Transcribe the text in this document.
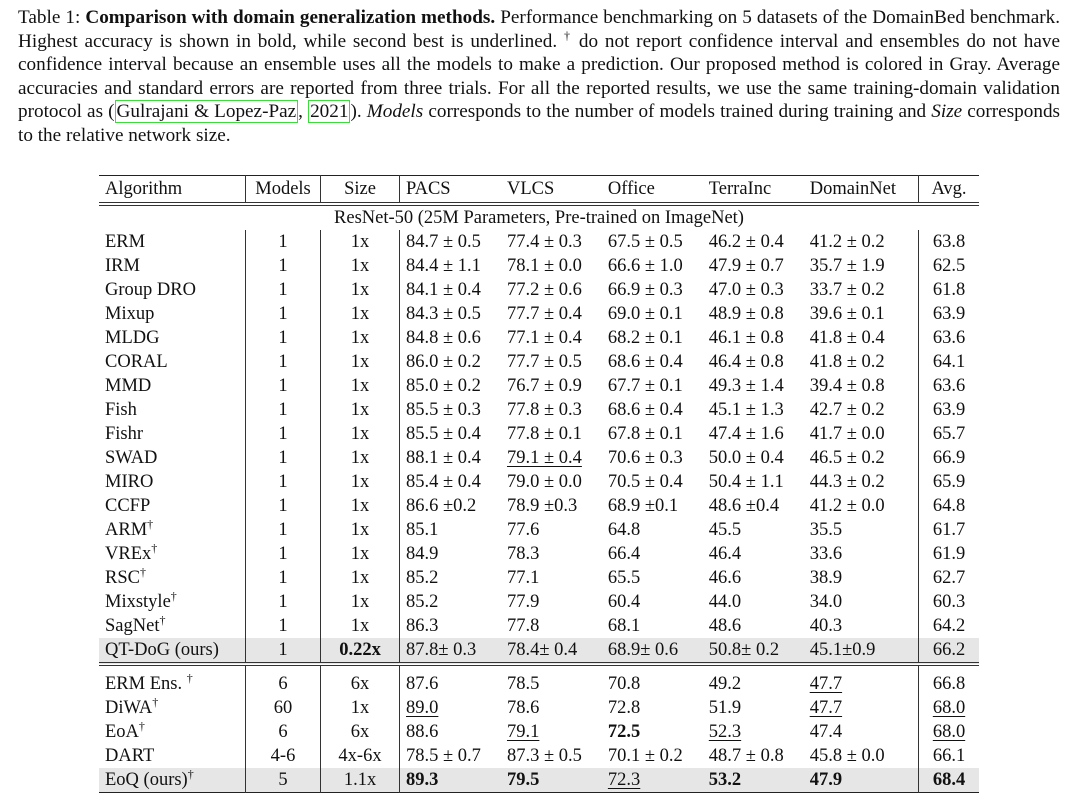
Table 1: Comparison with domain generalization methods. Performance benchmarking on 5 datasets of the DomainBed benchmark. Highest accuracy is shown in bold, while second best is underlined. † do not report confidence interval and ensembles do not have confidence interval because an ensemble uses all the models to make a prediction. Our proposed method is colored in Gray. Average accuracies and standard errors are reported from three trials. For all the reported results, we use the same training-domain validation protocol as ( Gulrajani & Lopez-Paz , 2021 ). Models corresponds to the number of models trained during training and Size corresponds to the relative network size.
Algorithm	Models	Size	PACS	VLCS	Office	TerraInc	DomainNet	Avg.
ResNet-50 (25M Parameters, Pre-trained on ImageNet)								
ERM	1	1x	84.7 ± 0.5	77.4 ± 0.3	67.5 ± 0.5	46.2 ± 0.4	41.2 ± 0.2	63.8
IRM	1	1x	84.4 ± 1.1	78.1 ± 0.0	66.6 ± 1.0	47.9 ± 0.7	35.7 ± 1.9	62.5
Group DRO	1	1x	84.1 ± 0.4	77.2 ± 0.6	66.9 ± 0.3	47.0 ± 0.3	33.7 ± 0.2	61.8
Mixup	1	1x	84.3 ± 0.5	77.7 ± 0.4	69.0 ± 0.1	48.9 ± 0.8	39.6 ± 0.1	63.9
MLDG	1	1x	84.8 ± 0.6	77.1 ± 0.4	68.2 ± 0.1	46.1 ± 0.8	41.8 ± 0.4	63.6
CORAL	1	1x	86.0 ± 0.2	77.7 ± 0.5	68.6 ± 0.4	46.4 ± 0.8	41.8 ± 0.2	64.1
MMD	1	1x	85.0 ± 0.2	76.7 ± 0.9	67.7 ± 0.1	49.3 ± 1.4	39.4 ± 0.8	63.6
Fish	1	1x	85.5 ± 0.3	77.8 ± 0.3	68.6 ± 0.4	45.1 ± 1.3	42.7 ± 0.2	63.9
Fishr	1	1x	85.5 ± 0.4	77.8 ± 0.1	67.8 ± 0.1	47.4 ± 1.6	41.7 ± 0.0	65.7
SWAD	1	1x	88.1 ± 0.4	79.1 ± 0.4	70.6 ± 0.3	50.0 ± 0.4	46.5 ± 0.2	66.9
MIRO	1	1x	85.4 ± 0.4	79.0 ± 0.0	70.5 ± 0.4	50.4 ± 1.1	44.3 ± 0.2	65.9
CCFP	1	1x	86.6 ±0.2	78.9 ±0.3	68.9 ±0.1	48.6 ±0.4	41.2 ± 0.0	64.8
ARM†	1	1x	85.1	77.6	64.8	45.5	35.5	61.7
VREx†	1	1x	84.9	78.3	66.4	46.4	33.6	61.9
RSC†	1	1x	85.2	77.1	65.5	46.6	38.9	62.7
Mixstyle†	1	1x	85.2	77.9	60.4	44.0	34.0	60.3
SagNet†	1	1x	86.3	77.8	68.1	48.6	40.3	64.2
QT-DoG (ours)	1	0.22x	87.8± 0.3	78.4± 0.4	68.9± 0.6	50.8± 0.2	45.1±0.9	66.2
ERM Ens. †	6	6x	87.6	78.5	70.8	49.2	47.7	66.8
DiWA†	60	1x	89.0	78.6	72.8	51.9	47.7	68.0
EoA†	6	6x	88.6	79.1	72.5	52.3	47.4	68.0
DART	4-6	4x-6x	78.5 ± 0.7	87.3 ± 0.5	70.1 ± 0.2	48.7 ± 0.8	45.8 ± 0.0	66.1
EoQ (ours)†	5	1.1x	89.3	79.5	72.3	53.2	47.9	68.4
